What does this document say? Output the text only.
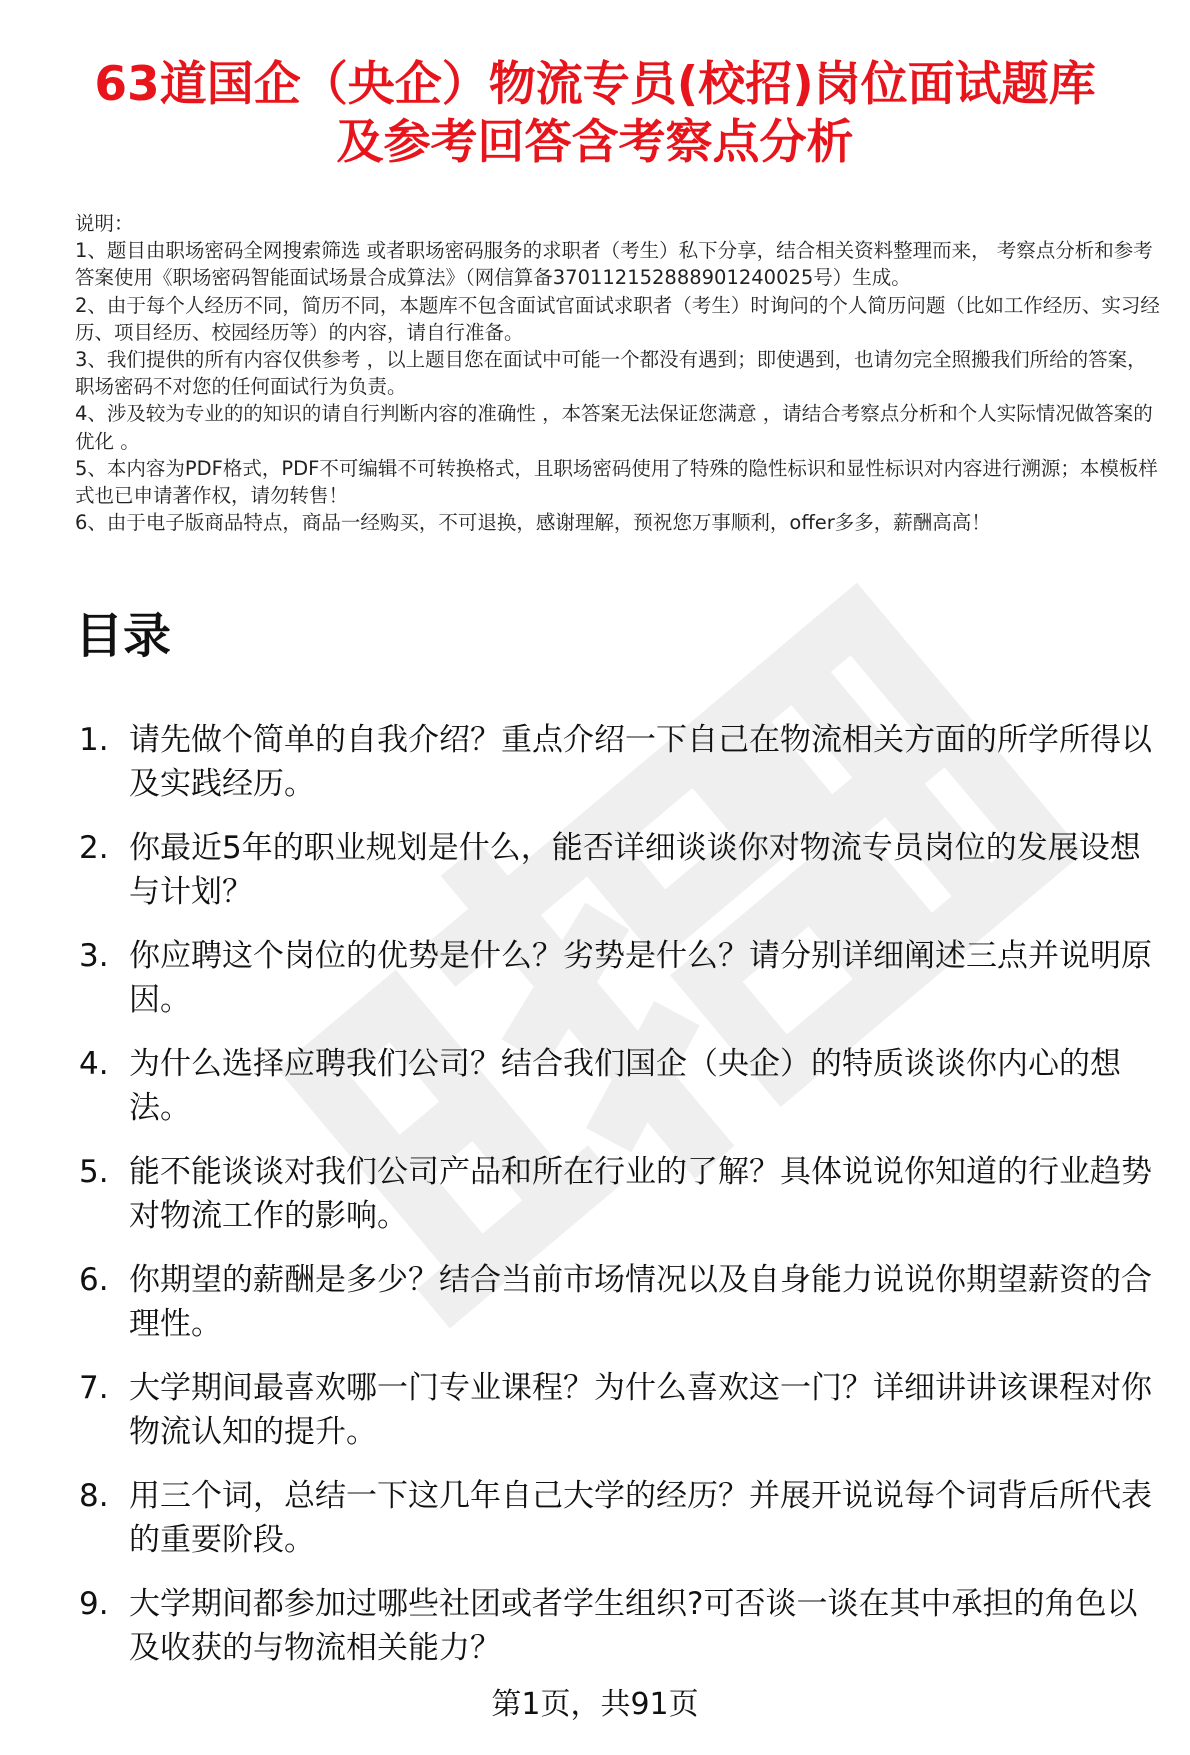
63道国企（央企）物流专员(校招)岗位面试题库
及参考回答含考察点分析

说明：

1、题目由职场密码全网搜索筛选 或者职场密码服务的求职者（考生）私下分享，结合相关资料整理而来， 考察点分析和参考答案使用《职场密码智能面试场景合成算法》（网信算备370112152888901240025号）生成。

2、由于每个人经历不同，简历不同，本题库不包含面试官面试求职者（考生）时询问的个人简历问题（比如工作经历、实习经历、项目经历、校园经历等）的内容，请自行准备。

3、我们提供的所有内容仅供参考 ，以上题目您在面试中可能一个都没有遇到；即使遇到，也请勿完全照搬我们所给的答案，职场密码不对您的任何面试行为负责。

4、涉及较为专业的的知识的请自行判断内容的准确性 ，本答案无法保证您满意 ，请结合考察点分析和个人实际情况做答案的优化 。

5、本内容为PDF格式，PDF不可编辑不可转换格式，且职场密码使用了特殊的隐性标识和显性标识对内容进行溯源；本模板样式也已申请著作权，请勿转售！

6、由于电子版商品特点，商品一经购买，不可退换，感谢理解，预祝您万事顺利，offer多多，薪酬高高！

目录
1. 请先做个简单的自我介绍？重点介绍一下自己在物流相关方面的所学所得以及实践经历。
2. 你最近5年的职业规划是什么，能否详细谈谈你对物流专员岗位的发展设想与计划？
3. 你应聘这个岗位的优势是什么？劣势是什么？请分别详细阐述三点并说明原因。
4. 为什么选择应聘我们公司？结合我们国企（央企）的特质谈谈你内心的想法。
5. 能不能谈谈对我们公司产品和所在行业的了解？具体说说你知道的行业趋势对物流工作的影响。
6. 你期望的薪酬是多少？结合当前市场情况以及自身能力说说你期望薪资的合理性。
7. 大学期间最喜欢哪一门专业课程？为什么喜欢这一门？详细讲讲该课程对你物流认知的提升。
8. 用三个词，总结一下这几年自己大学的经历？并展开说说每个词背后所代表的重要阶段。
9. 大学期间都参加过哪些社团或者学生组织?可否谈一谈在其中承担的角色以及收获的与物流相关能力？
第1页，共91页
